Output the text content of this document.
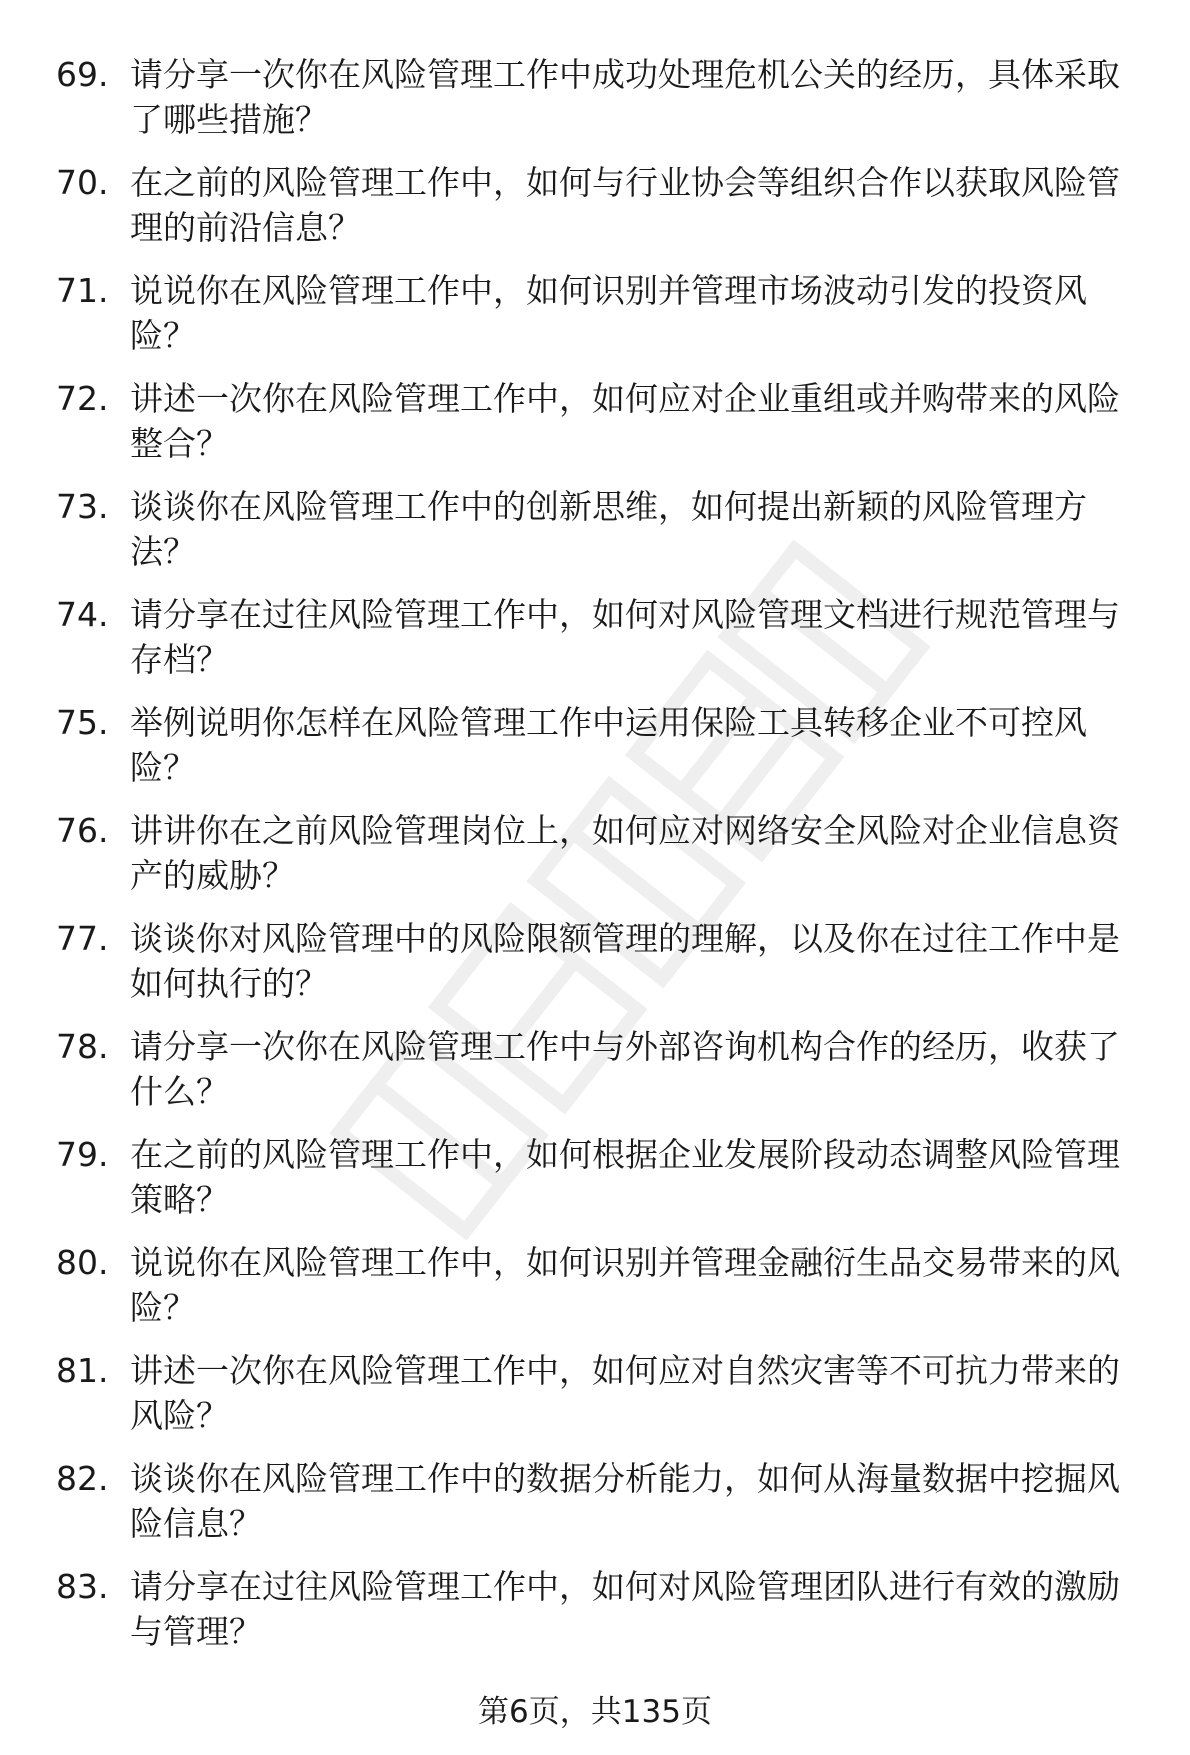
69. 请分享一次你在风险管理工作中成功处理危机公关的经历，具体采取了哪些措施？
70. 在之前的风险管理工作中，如何与行业协会等组织合作以获取风险管理的前沿信息？
71. 说说你在风险管理工作中，如何识别并管理市场波动引发的投资风险？
72. 讲述一次你在风险管理工作中，如何应对企业重组或并购带来的风险整合？
73. 谈谈你在风险管理工作中的创新思维，如何提出新颖的风险管理方法？
74. 请分享在过往风险管理工作中，如何对风险管理文档进行规范管理与存档？
75. 举例说明你怎样在风险管理工作中运用保险工具转移企业不可控风险？
76. 讲讲你在之前风险管理岗位上，如何应对网络安全风险对企业信息资产的威胁？
77. 谈谈你对风险管理中的风险限额管理的理解，以及你在过往工作中是如何执行的？
78. 请分享一次你在风险管理工作中与外部咨询机构合作的经历，收获了什么？
79. 在之前的风险管理工作中，如何根据企业发展阶段动态调整风险管理策略？
80. 说说你在风险管理工作中，如何识别并管理金融衍生品交易带来的风险？
81. 讲述一次你在风险管理工作中，如何应对自然灾害等不可抗力带来的风险？
82. 谈谈你在风险管理工作中的数据分析能力，如何从海量数据中挖掘风险信息？
83. 请分享在过往风险管理工作中，如何对风险管理团队进行有效的激励与管理？
第6页，共135页
